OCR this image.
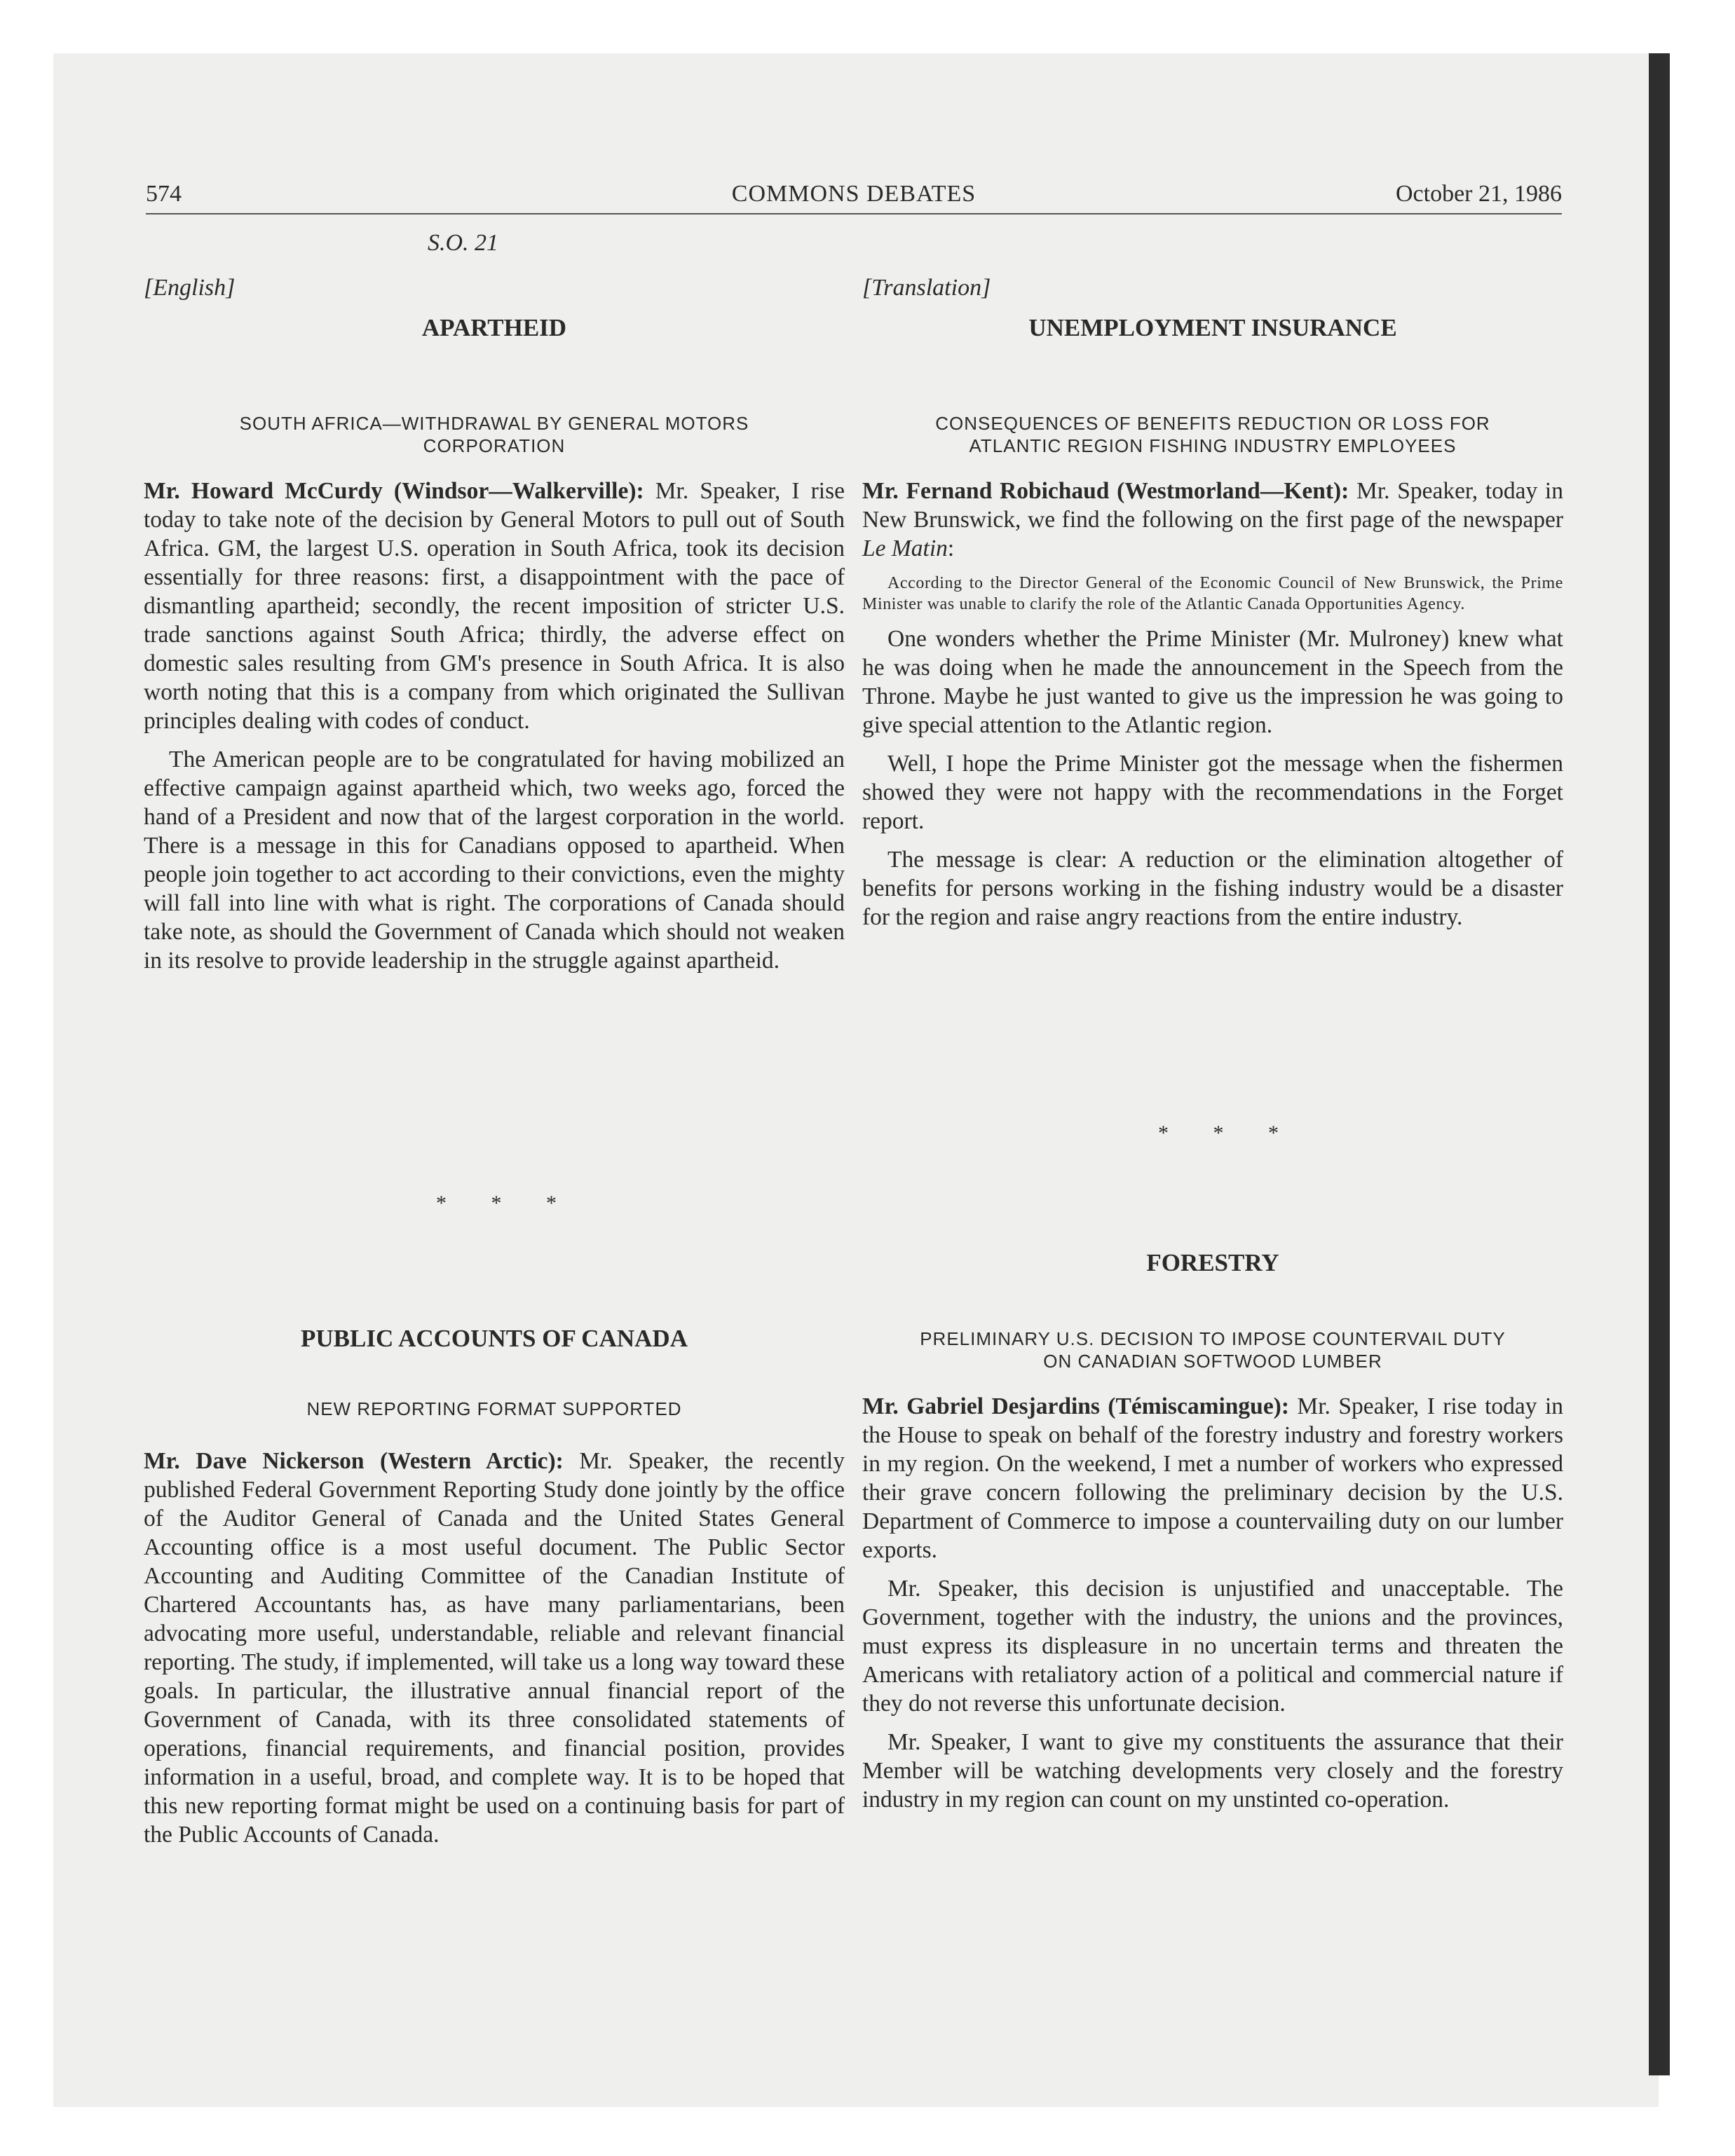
574	COMMONS DEBATES	October 21, 1986
S.O. 21

[English]

APARTHEID

SOUTH AFRICA—WITHDRAWAL BY GENERAL MOTORS
CORPORATION

Mr. Howard McCurdy (Windsor—Walkerville): Mr. Speaker, I rise today to take note of the decision by General Motors to pull out of South Africa. GM, the largest U.S. operation in South Africa, took its decision essentially for three reasons: first, a disappointment with the pace of dismantling apartheid; secondly, the recent imposition of stricter U.S. trade sanctions against South Africa; thirdly, the adverse effect on domestic sales resulting from GM's presence in South Africa. It is also worth noting that this is a company from which originated the Sullivan principles dealing with codes of conduct.

The American people are to be congratulated for having mobilized an effective campaign against apartheid which, two weeks ago, forced the hand of a President and now that of the largest corporation in the world. There is a message in this for Canadians opposed to apartheid. When people join together to act according to their convictions, even the mighty will fall into line with what is right. The corporations of Canada should take note, as should the Government of Canada which should not weaken in its resolve to provide leadership in the struggle against apartheid.

* * *

PUBLIC ACCOUNTS OF CANADA

NEW REPORTING FORMAT SUPPORTED

Mr. Dave Nickerson (Western Arctic): Mr. Speaker, the recently published Federal Government Reporting Study done jointly by the office of the Auditor General of Canada and the United States General Accounting office is a most useful document. The Public Sector Accounting and Auditing Committee of the Canadian Institute of Chartered Accountants has, as have many parliamentarians, been advocating more useful, understandable, reliable and relevant financial reporting. The study, if implemented, will take us a long way toward these goals. In particular, the illustrative annual financial report of the Government of Canada, with its three consolidated statements of operations, financial requirements, and financial position, provides information in a useful, broad, and complete way. It is to be hoped that this new reporting format might be used on a continuing basis for part of the Public Accounts of Canada.

[Translation]

UNEMPLOYMENT INSURANCE

CONSEQUENCES OF BENEFITS REDUCTION OR LOSS FOR
ATLANTIC REGION FISHING INDUSTRY EMPLOYEES

Mr. Fernand Robichaud (Westmorland—Kent): Mr. Speaker, today in New Brunswick, we find the following on the first page of the newspaper Le Matin:

According to the Director General of the Economic Council of New Brunswick, the Prime Minister was unable to clarify the role of the Atlantic Canada Opportunities Agency.

One wonders whether the Prime Minister (Mr. Mulroney) knew what he was doing when he made the announcement in the Speech from the Throne. Maybe he just wanted to give us the impression he was going to give special attention to the Atlantic region.

Well, I hope the Prime Minister got the message when the fishermen showed they were not happy with the recommendations in the Forget report.

The message is clear: A reduction or the elimination altogether of benefits for persons working in the fishing industry would be a disaster for the region and raise angry reactions from the entire industry.

* * *

FORESTRY

PRELIMINARY U.S. DECISION TO IMPOSE COUNTERVAIL DUTY
ON CANADIAN SOFTWOOD LUMBER

Mr. Gabriel Desjardins (Témiscamingue): Mr. Speaker, I rise today in the House to speak on behalf of the forestry industry and forestry workers in my region. On the weekend, I met a number of workers who expressed their grave concern following the preliminary decision by the U.S. Department of Commerce to impose a countervailing duty on our lumber exports.

Mr. Speaker, this decision is unjustified and unacceptable. The Government, together with the industry, the unions and the provinces, must express its displeasure in no uncertain terms and threaten the Americans with retaliatory action of a political and commercial nature if they do not reverse this unfortunate decision.

Mr. Speaker, I want to give my constituents the assurance that their Member will be watching developments very closely and the forestry industry in my region can count on my unstinted co-operation.
